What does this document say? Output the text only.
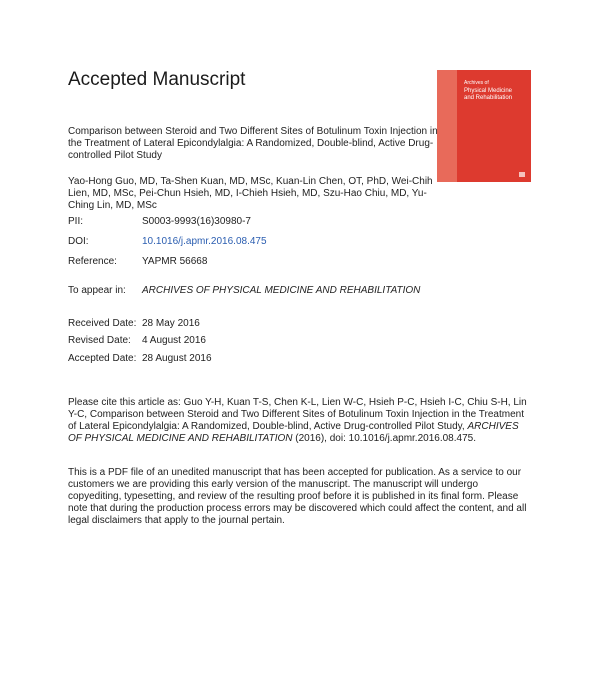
Accepted Manuscript	Archives of
Physical Medicine
and Rehabilitation

Comparison between Steroid and Two Different Sites of Botulinum Toxin Injection in the Treatment of Lateral Epicondylalgia: A Randomized, Double-blind, Active Drug-controlled Pilot Study

Yao-Hong Guo, MD, Ta-Shen Kuan, MD, MSc, Kuan-Lin Chen, OT, PhD, Wei-Chih Lien, MD, MSc, Pei-Chun Hsieh, MD, I-Chieh Hsieh, MD, Szu-Hao Chiu, MD, Yu-Ching Lin, MD, MSc

PII:	S0003-9993(16)30980-7
DOI:	10.1016/j.apmr.2016.08.475
Reference:	YAPMR 56668
To appear in: ARCHIVES OF PHYSICAL MEDICINE AND REHABILITATION
Received Date: 28 May 2016
Revised Date: 4 August 2016
Accepted Date: 28 August 2016

Please cite this article as: Guo Y-H, Kuan T-S, Chen K-L, Lien W-C, Hsieh P-C, Hsieh I-C, Chiu S-H, Lin Y-C, Comparison between Steroid and Two Different Sites of Botulinum Toxin Injection in the Treatment of Lateral Epicondylalgia: A Randomized, Double-blind, Active Drug-controlled Pilot Study, ARCHIVES OF PHYSICAL MEDICINE AND REHABILITATION (2016), doi: 10.1016/j.apmr.2016.08.475.

This is a PDF file of an unedited manuscript that has been accepted for publication. As a service to our customers we are providing this early version of the manuscript. The manuscript will undergo copyediting, typesetting, and review of the resulting proof before it is published in its final form. Please note that during the production process errors may be discovered which could affect the content, and all legal disclaimers that apply to the journal pertain.
